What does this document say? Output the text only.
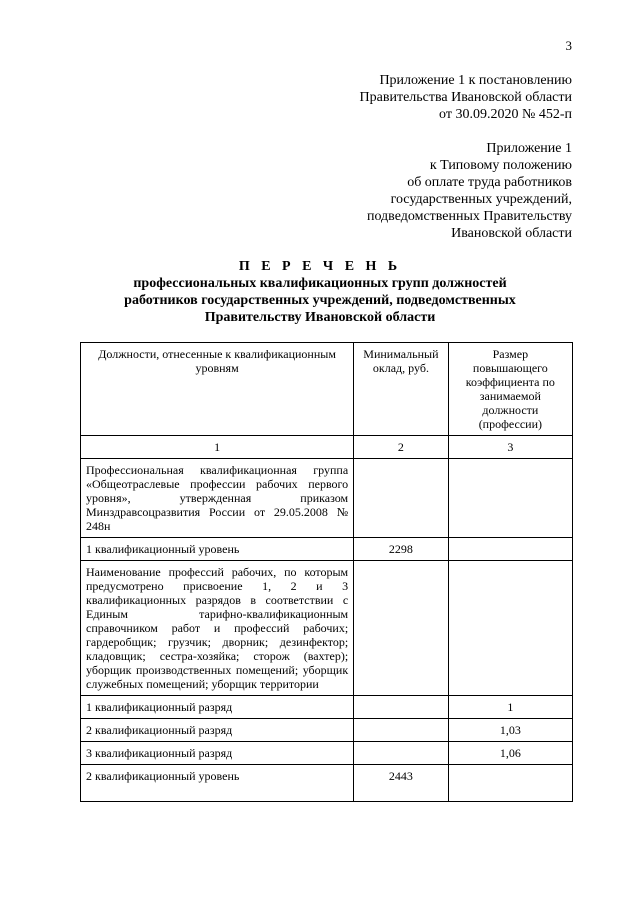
3
Приложение 1 к постановлению
Правительства Ивановской области
от 30.09.2020 № 452-п
Приложение 1
к Типовому положению
об оплате труда работников
государственных учреждений,
подведомственных Правительству
Ивановской области
П Е Р Е Ч Е Н Ь
профессиональных квалификационных групп должностей
работников государственных учреждений, подведомственных
Правительству Ивановской области
Должности, отнесенные к квалификационным уровням	Минимальный оклад, руб.	Размер повышающего коэффициента по занимаемой должности (профессии)
1	2	3
Профессиональная квалификационная группа «Общеотраслевые профессии рабочих первого уровня», утвержденная приказом Минздравсоцразвития России от 29.05.2008 № 248н		
1 квалификационный уровень	2298	
Наименование профессий рабочих, по которым предусмотрено присвоение 1, 2 и 3 квалификационных разрядов в соответствии с Единым тарифно-квалификационным справочником работ и профессий рабочих; гардеробщик; грузчик; дворник; дезинфектор; кладовщик; сестра-хозяйка; сторож (вахтер); уборщик производственных помещений; уборщик служебных помещений; уборщик территории		
1 квалификационный разряд		1
2 квалификационный разряд		1,03
3 квалификационный разряд		1,06
2 квалификационный уровень	2443	
